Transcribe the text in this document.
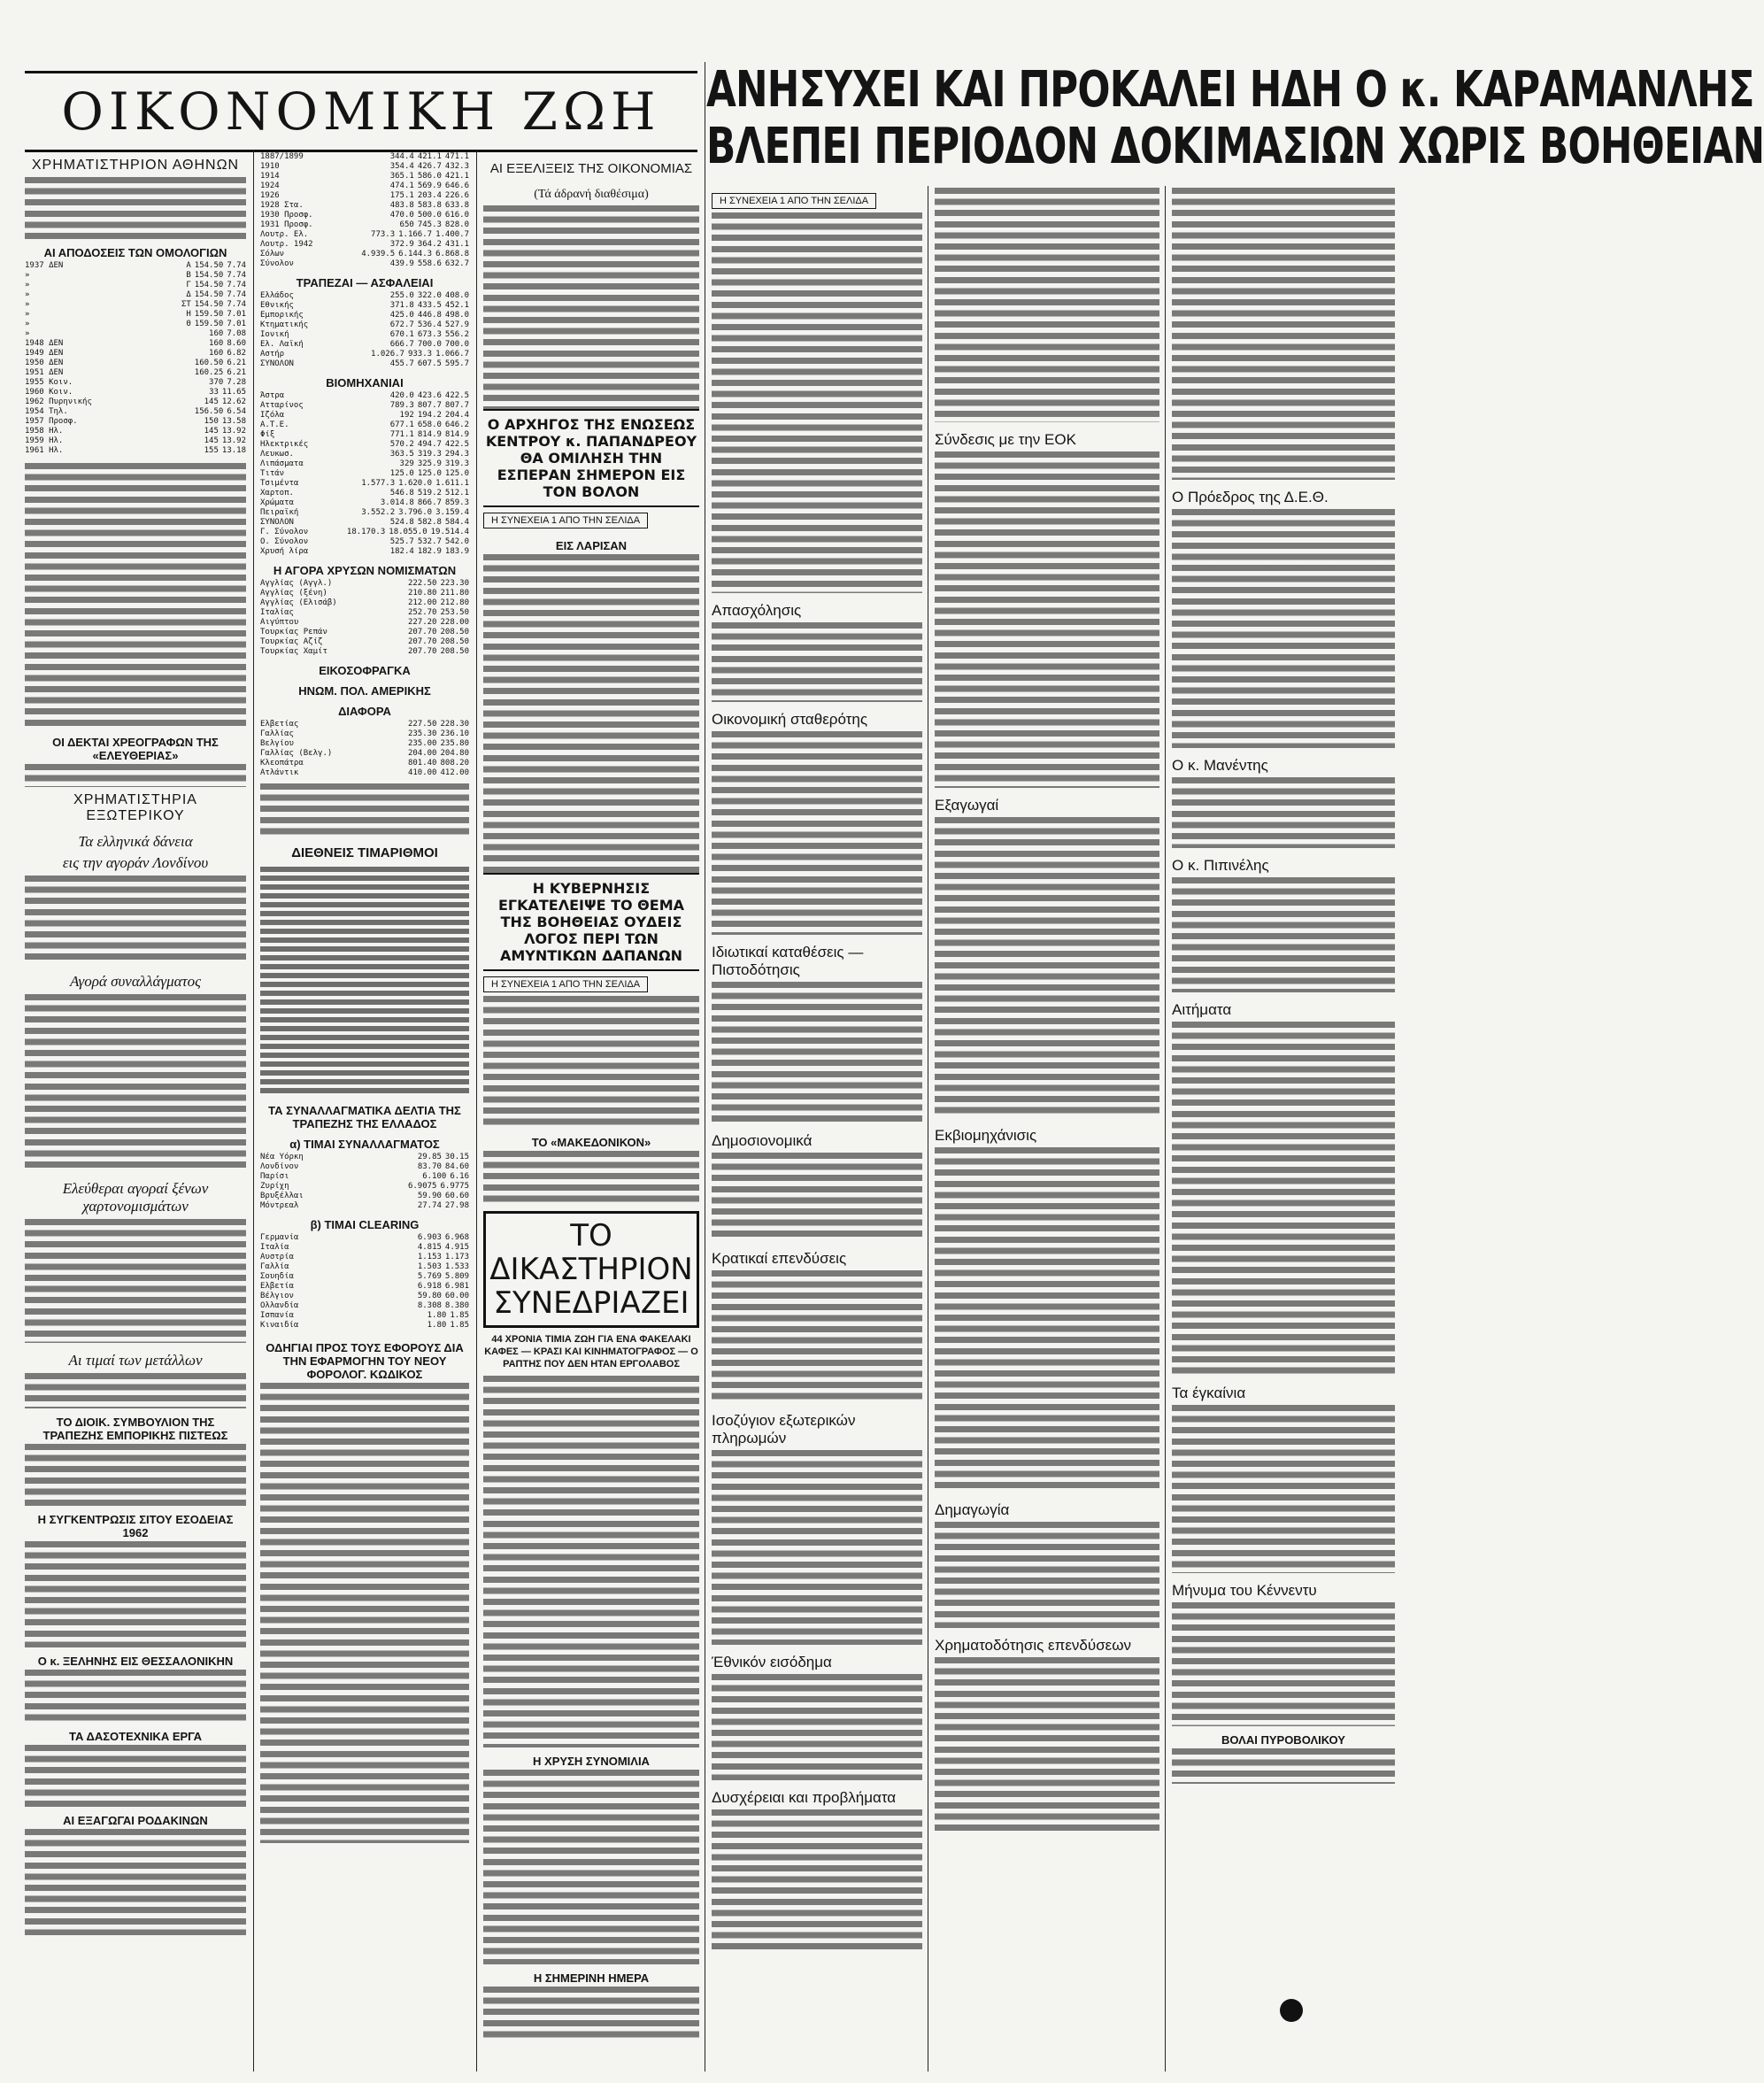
ΟΙΚΟΝΟΜΙΚΗ ΖΩΗ ΑΝΗΣΥΧΕΙ ΚΑΙ ΠΡΟΚΑΛΕΙ ΗΔΗ Ο κ. ΚΑΡΑΜΑΝΛΗΣ
ΒΛΕΠΕΙ ΠΕΡΙΟΔΟΝ ΔΟΚΙΜΑΣΙΩΝ ΧΩΡΙΣ ΒΟΗΘΕΙΑΝ
ΧΡΗΜΑΤΙΣΤΗΡΙΟΝ ΑΘΗΝΩΝ
ΑΙ ΑΠΟΔΟΣΕΙΣ ΤΩΝ ΟΜΟΛΟΓΙΩΝ
1937 ΔΕΝ	Α 154.50 7.74
»	Β 154.50 7.74
»	Γ 154.50 7.74
»	Δ 154.50 7.74
»	ΣΤ 154.50 7.74
»	Η 159.50 7.01
»	Θ 159.50 7.01
»	160 7.08
1948 ΔΕΝ	160 8.60
1949 ΔΕΝ	160 6.82
1950 ΔΕΝ	160.50 6.21
1951 ΔΕΝ	160.25 6.21
1955 Κοιν.	370 7.28
1960 Κοιν.	33 11.65
1962 Πυρηνικής	145 12.62
1954 Τηλ.	156.50 6.54
1957 Προσφ.	150 13.58
1958 Ηλ.	145 13.92
1959 Ηλ.	145 13.92
1961 Ηλ.	155 13.18
ΟΙ ΔΕΚΤΑΙ ΧΡΕΟΓΡΑΦΩΝ ΤΗΣ «ΕΛΕΥΘΕΡΙΑΣ»
ΧΡΗΜΑΤΙΣΤΗΡΙΑ ΕΞΩΤΕΡΙΚΟΥ
Τα ελληνικά δάνεια
εις την αγοράν Λονδίνου
Αγορά συναλλάγματος
Ελεύθεραι αγοραί ξένων χαρτονομισμάτων
Αι τιμαί των μετάλλων
ΤΟ ΔΙΟΙΚ. ΣΥΜΒΟΥΛΙΟΝ ΤΗΣ ΤΡΑΠΕΖΗΣ ΕΜΠΟΡΙΚΗΣ ΠΙΣΤΕΩΣ
Η ΣΥΓΚΕΝΤΡΩΣΙΣ ΣΙΤΟΥ ΕΣΟΔΕΙΑΣ 1962
Ο κ. ΞΕΛΗΝΗΣ ΕΙΣ ΘΕΣΣΑΛΟΝΙΚΗΝ
ΤΑ ΔΑΣΟΤΕΧΝΙΚΑ ΕΡΓΑ
ΑΙ ΕΞΑΓΩΓΑΙ ΡΟΔΑΚΙΝΩΝ
1887/1899	344.4 421.1 471.1
1910	354.4 426.7 432.3
1914	365.1 586.0 421.1
1924	474.1 569.9 646.6
1926	175.1 203.4 226.6
1928 Στα.	483.8 583.8 633.8
1930 Προσφ.	470.0 500.0 616.0
1931 Προσφ.	650 745.3 828.0
Λουτρ. Ελ.	773.3 1.166.7 1.400.7
Λουτρ. 1942	372.9 364.2 431.1
Σόλων	4.939.5 6.144.3 6.868.8
Σύνολον	439.9 558.6 632.7
ΤΡΑΠΕΖΑΙ — ΑΣΦΑΛΕΙΑΙ
Ελλάδος	255.0 322.0 408.0
Εθνικής	371.8 433.5 452.1
Εμπορικής	425.0 446.8 498.0
Κτηματικής	672.7 536.4 527.9
Ιονική	670.1 673.3 556.2
Ελ. Λαϊκή	666.7 700.0 700.0
Αστήρ	1.026.7 933.3 1.066.7
ΣΥΝΟΛΟΝ	455.7 607.5 595.7
ΒΙΟΜΗΧΑΝΙΑΙ
Άστρα	420.0 423.6 422.5
Ατταρίνος	789.3 807.7 807.7
Ιζόλα	192 194.2 204.4
Α.Τ.Ε.	677.1 658.0 646.2
Φίξ	771.1 814.9 814.9
Ηλεκτρικές	570.2 494.7 422.5
Λευκωσ.	363.5 319.3 294.3
Λιπάσματα	329 325.9 319.3
Τιτάν	125.0 125.0 125.0
Τσιμέντα	1.577.3 1.620.0 1.611.1
Χαρτοπ.	546.8 519.2 512.1
Χρώματα	3.014.8 866.7 859.3
Πειραϊκή	3.552.2 3.796.0 3.159.4
ΣΥΝΟΛΟΝ	524.8 582.8 584.4
Γ. Σύνολον	18.170.3 18.055.0 19.514.4
Ο. Σύνολον	525.7 532.7 542.0
Χρυσή λίρα	182.4 182.9 183.9
Η ΑΓΟΡΑ ΧΡΥΣΩΝ ΝΟΜΙΣΜΑΤΩΝ
Αγγλίας (Αγγλ.)	222.50 223.30
Αγγλίας (ξένη)	210.80 211.80
Αγγλίας (Ελισάβ)	212.00 212.80
Ιταλίας	252.70 253.50
Αιγύπτου	227.20 228.00
Τουρκίας Ρεπάν	207.70 208.50
Τουρκίας Αζίζ	207.70 208.50
Τουρκίας Χαμίτ	207.70 208.50
ΕΙΚΟΣΟΦΡΑΓΚΑ
ΗΝΩΜ. ΠΟΛ. ΑΜΕΡΙΚΗΣ
ΔΙΑΦΟΡΑ
Ελβετίας	227.50 228.30
Γαλλίας	235.30 236.10
Βελγίου	235.00 235.80
Γαλλίας (Βελγ.)	204.00 204.80
Κλεοπάτρα	801.40 808.20
Ατλάντικ	410.00 412.00
ΔΙΕΘΝΕΙΣ ΤΙΜΑΡΙΘΜΟΙ
ΤΑ ΣΥΝΑΛΛΑΓΜΑΤΙΚΑ ΔΕΛΤΙΑ ΤΗΣ ΤΡΑΠΕΖΗΣ ΤΗΣ ΕΛΛΑΔΟΣ
α) ΤΙΜΑΙ ΣΥΝΑΛΛΑΓΜΑΤΟΣ
Νέα Υόρκη	29.85 30.15
Λονδίνον	83.70 84.60
Παρίσι	6.100 6.16
Ζυρίχη	6.9075 6.9775
Βρυξέλλαι	59.90 60.60
Μόντρεαλ	27.74 27.98
β) ΤΙΜΑΙ CLEARING
Γερμανία	6.903 6.968
Ιταλία	4.815 4.915
Αυστρία	1.153 1.173
Γαλλία	1.503 1.533
Σουηδία	5.769 5.809
Ελβετία	6.918 6.981
Βέλγιον	59.80 60.00
Ολλανδία	8.308 8.380
Ισπανία	1.80 1.85
Κιναιδία	1.80 1.85
ΟΔΗΓΙΑΙ ΠΡΟΣ ΤΟΥΣ ΕΦΟΡΟΥΣ ΔΙΑ ΤΗΝ ΕΦΑΡΜΟΓΗΝ ΤΟΥ ΝΕΟΥ ΦΟΡΟΛΟΓ. ΚΩΔΙΚΟΣ
ΑΙ ΕΞΕΛΙΞΕΙΣ ΤΗΣ ΟΙΚΟΝΟΜΙΑΣ
(Τά άδρανή διαθέσιμα)
Ο ΑΡΧΗΓΟΣ ΤΗΣ ΕΝΩΣΕΩΣ ΚΕΝΤΡΟΥ κ. ΠΑΠΑΝΔΡΕΟΥ ΘΑ ΟΜΙΛΗΣΗ ΤΗΝ ΕΣΠΕΡΑΝ ΣΗΜΕΡΟΝ ΕΙΣ ΤΟΝ ΒΟΛΟΝ
Η ΣΥΝΕΧΕΙΑ 1 ΑΠΟ ΤΗΝ ΣΕΛΙΔΑ
ΕΙΣ ΛΑΡΙΣΑΝ
Η ΚΥΒΕΡΝΗΣΙΣ ΕΓΚΑΤΕΛΕΙΨΕ ΤΟ ΘΕΜΑ ΤΗΣ ΒΟΗΘΕΙΑΣ ΟΥΔΕΙΣ ΛΟΓΟΣ ΠΕΡΙ ΤΩΝ ΑΜΥΝΤΙΚΩΝ ΔΑΠΑΝΩΝ
Η ΣΥΝΕΧΕΙΑ 1 ΑΠΟ ΤΗΝ ΣΕΛΙΔΑ
ΤΟ «ΜΑΚΕΔΟΝΙΚΟΝ»
ΤΟ ΔΙΚΑΣΤΗΡΙΟΝ ΣΥΝΕΔΡΙΑΖΕΙ
44 ΧΡΟΝΙΑ ΤΙΜΙΑ ΖΩΗ ΓΙΑ ΕΝΑ ΦΑΚΕΛΑΚΙ ΚΑΦΕΣ — ΚΡΑΣΙ ΚΑΙ ΚΙΝΗΜΑΤΟΓΡΑΦΟΣ — Ο ΡΑΠΤΗΣ ΠΟΥ ΔΕΝ ΗΤΑΝ ΕΡΓΟΛΑΒΟΣ
Η ΧΡΥΣΗ ΣΥΝΟΜΙΛΙΑ
Η ΣΗΜΕΡΙΝΗ ΗΜΕΡΑ
Η ΣΥΝΕΧΕΙΑ 1 ΑΠΟ ΤΗΝ ΣΕΛΙΔΑ
Απασχόλησις
Οικονομική σταθερότης
Ιδιωτικαί καταθέσεις — Πιστοδότησις
Δημοσιονομικά
Κρατικαί επενδύσεις
Ισοζύγιον εξωτερικών πληρωμών
Έθνικόν εισόδημα
Δυσχέρειαι και προβλήματα
Σύνδεσις με την ΕΟΚ
Εξαγωγαί
Εκβιομηχάνισις
Δημαγωγία
Χρηματοδότησις επενδύσεων
Ο Πρόεδρος της Δ.Ε.Θ.
Ο κ. Μανέντης
Ο κ. Πιπινέλης
Αιτήματα
Τα έγκαίνια
Μήνυμα του Κέννεντυ
ΒΟΛΑΙ ΠΥΡΟΒΟΛΙΚΟΥ
